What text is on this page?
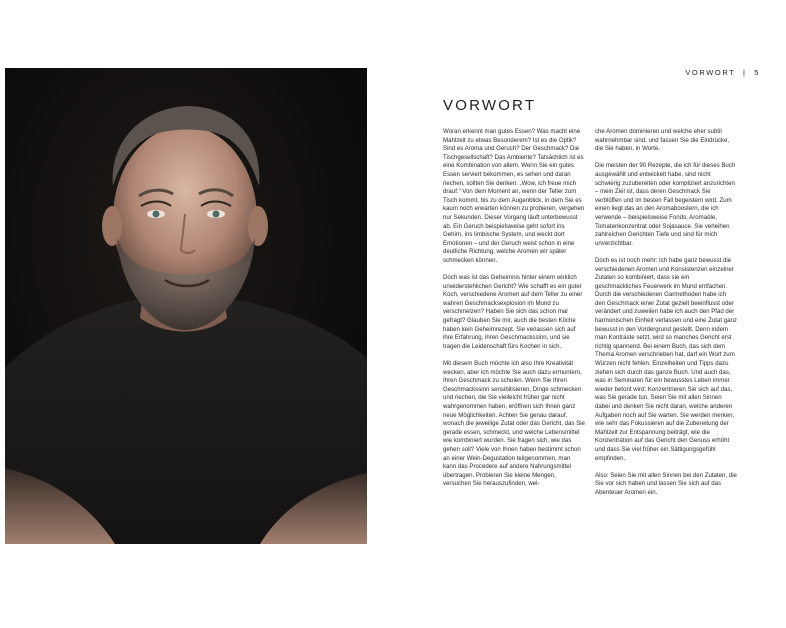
VORWORT | 5
VORWORT

Woran erkennt man gutes Essen? Was macht eine Mahlzeit zu etwas Besonderem? Ist es die Optik? Sind es Aroma und Geruch? Der Geschmack? Die Tischgesellschaft? Das Ambiente? Tatsächlich ist es eine Kombination von allem. Wenn Sie ein gutes Essen serviert bekommen, es sehen und daran riechen, sollten Sie denken: „Wow, ich freue mich drauf.“ Von dem Moment an, wenn der Teller zum Tisch kommt, bis zu dem Augenblick, in dem Sie es kaum noch erwarten können zu probieren, vergehen nur Sekunden. Dieser Vorgang läuft unterbewusst ab. Ein Geruch beispielsweise geht sofort ins Gehirn, ins limbische System, und weckt dort Emotionen – und der Geruch weist schon in eine deutliche Richtung, welche Aromen wir später schmecken können.

Doch was ist das Geheimnis hinter einem wirklich unwiderstehlichen Gericht? Wie schafft es ein guter Koch, verschiedene Aromen auf dem Teller zu einer wahren Geschmacksexplosion im Mund zu verschmelzen? Haben Sie sich das schon mal gefragt? Glauben Sie mir, auch die besten Köche haben kein Geheimrezept. Sie verlassen sich auf ihre Erfahrung, ihren Geschmackssinn, und sie tragen die Leidenschaft fürs Kochen in sich.

Mit diesem Buch möchte ich also Ihre Kreativität wecken, aber ich möchte Sie auch dazu ermuntern, Ihren Geschmack zu schulen. Wenn Sie Ihren Geschmackssinn sensibilisieren, Dinge schmecken und riechen, die Sie vielleicht früher gar nicht wahrgenommen haben, eröffnen sich Ihnen ganz neue Möglichkeiten. Achten Sie genau darauf, wonach die jeweilige Zutat oder das Gericht, das Sie gerade essen, schmeckt, und welche Lebensmittel wie kombiniert wurden. Sie fragen sich, wie das gehen soll? Viele von Ihnen haben bestimmt schon an einer Wein-Degustation teilgenommen, man kann das Procedere auf andere Nahrungsmittel übertragen. Probieren Sie kleine Mengen, versuchen Sie herauszufinden, wel-

che Aromen dominieren und welche eher subtil wahrnehmbar sind, und fassen Sie die Eindrücke, die Sie haben, in Worte.

Die meisten der 90 Rezepte, die ich für dieses Buch ausgewählt und entwickelt habe, sind nicht schwierig zuzubereiten oder kompliziert anzurichten – mein Ziel ist, dass deren Geschmack Sie verblüffen und im besten Fall begeistern wird. Zum einen liegt das an den Aromaboostern, die ich verwende – beispielsweise Fonds, Aromaöle, Tomatenkonzentrat oder Sojasauce. Sie verleihen zahlreichen Gerichten Tiefe und sind für mich unverzichtbar.

Doch es ist noch mehr: Ich habe ganz bewusst die verschiedenen Aromen und Konsistenzen einzelner Zutaten so kombiniert, dass sie ein geschmackliches Feuerwerk im Mund entfachen. Durch die verschiedenen Garmethoden habe ich den Geschmack einer Zutat gezielt beeinflusst oder verändert und zuweilen habe ich auch den Pfad der harmonischen Einheit verlassen und eine Zutat ganz bewusst in den Vordergrund gestellt. Denn indem man Kontraste setzt, wird so manches Gericht erst richtig spannend. Bei einem Buch, das sich dem Thema Aromen verschrieben hat, darf ein Wort zum Würzen nicht fehlen. Einzelheiten und Tipps dazu ziehen sich durch das ganze Buch. Und auch das, was in Seminaren für ein bewusstes Leben immer wieder betont wird: Konzentrieren Sie sich auf das, was Sie gerade tun. Seien Sie mit allen Sinnen dabei und denken Sie nicht daran, welche anderen Aufgaben noch auf Sie warten. Sie werden merken, wie sehr das Fokussieren auf die Zubereitung der Mahlzeit zur Entspannung beiträgt, wie die Konzentration auf das Gericht den Genuss erhöht und dass Sie viel früher ein Sättigungsgefühl empfinden.

Also: Seien Sie mit allen Sinnen bei den Zutaten, die Sie vor sich haben und lassen Sie sich auf das Abenteuer Aromen ein.
